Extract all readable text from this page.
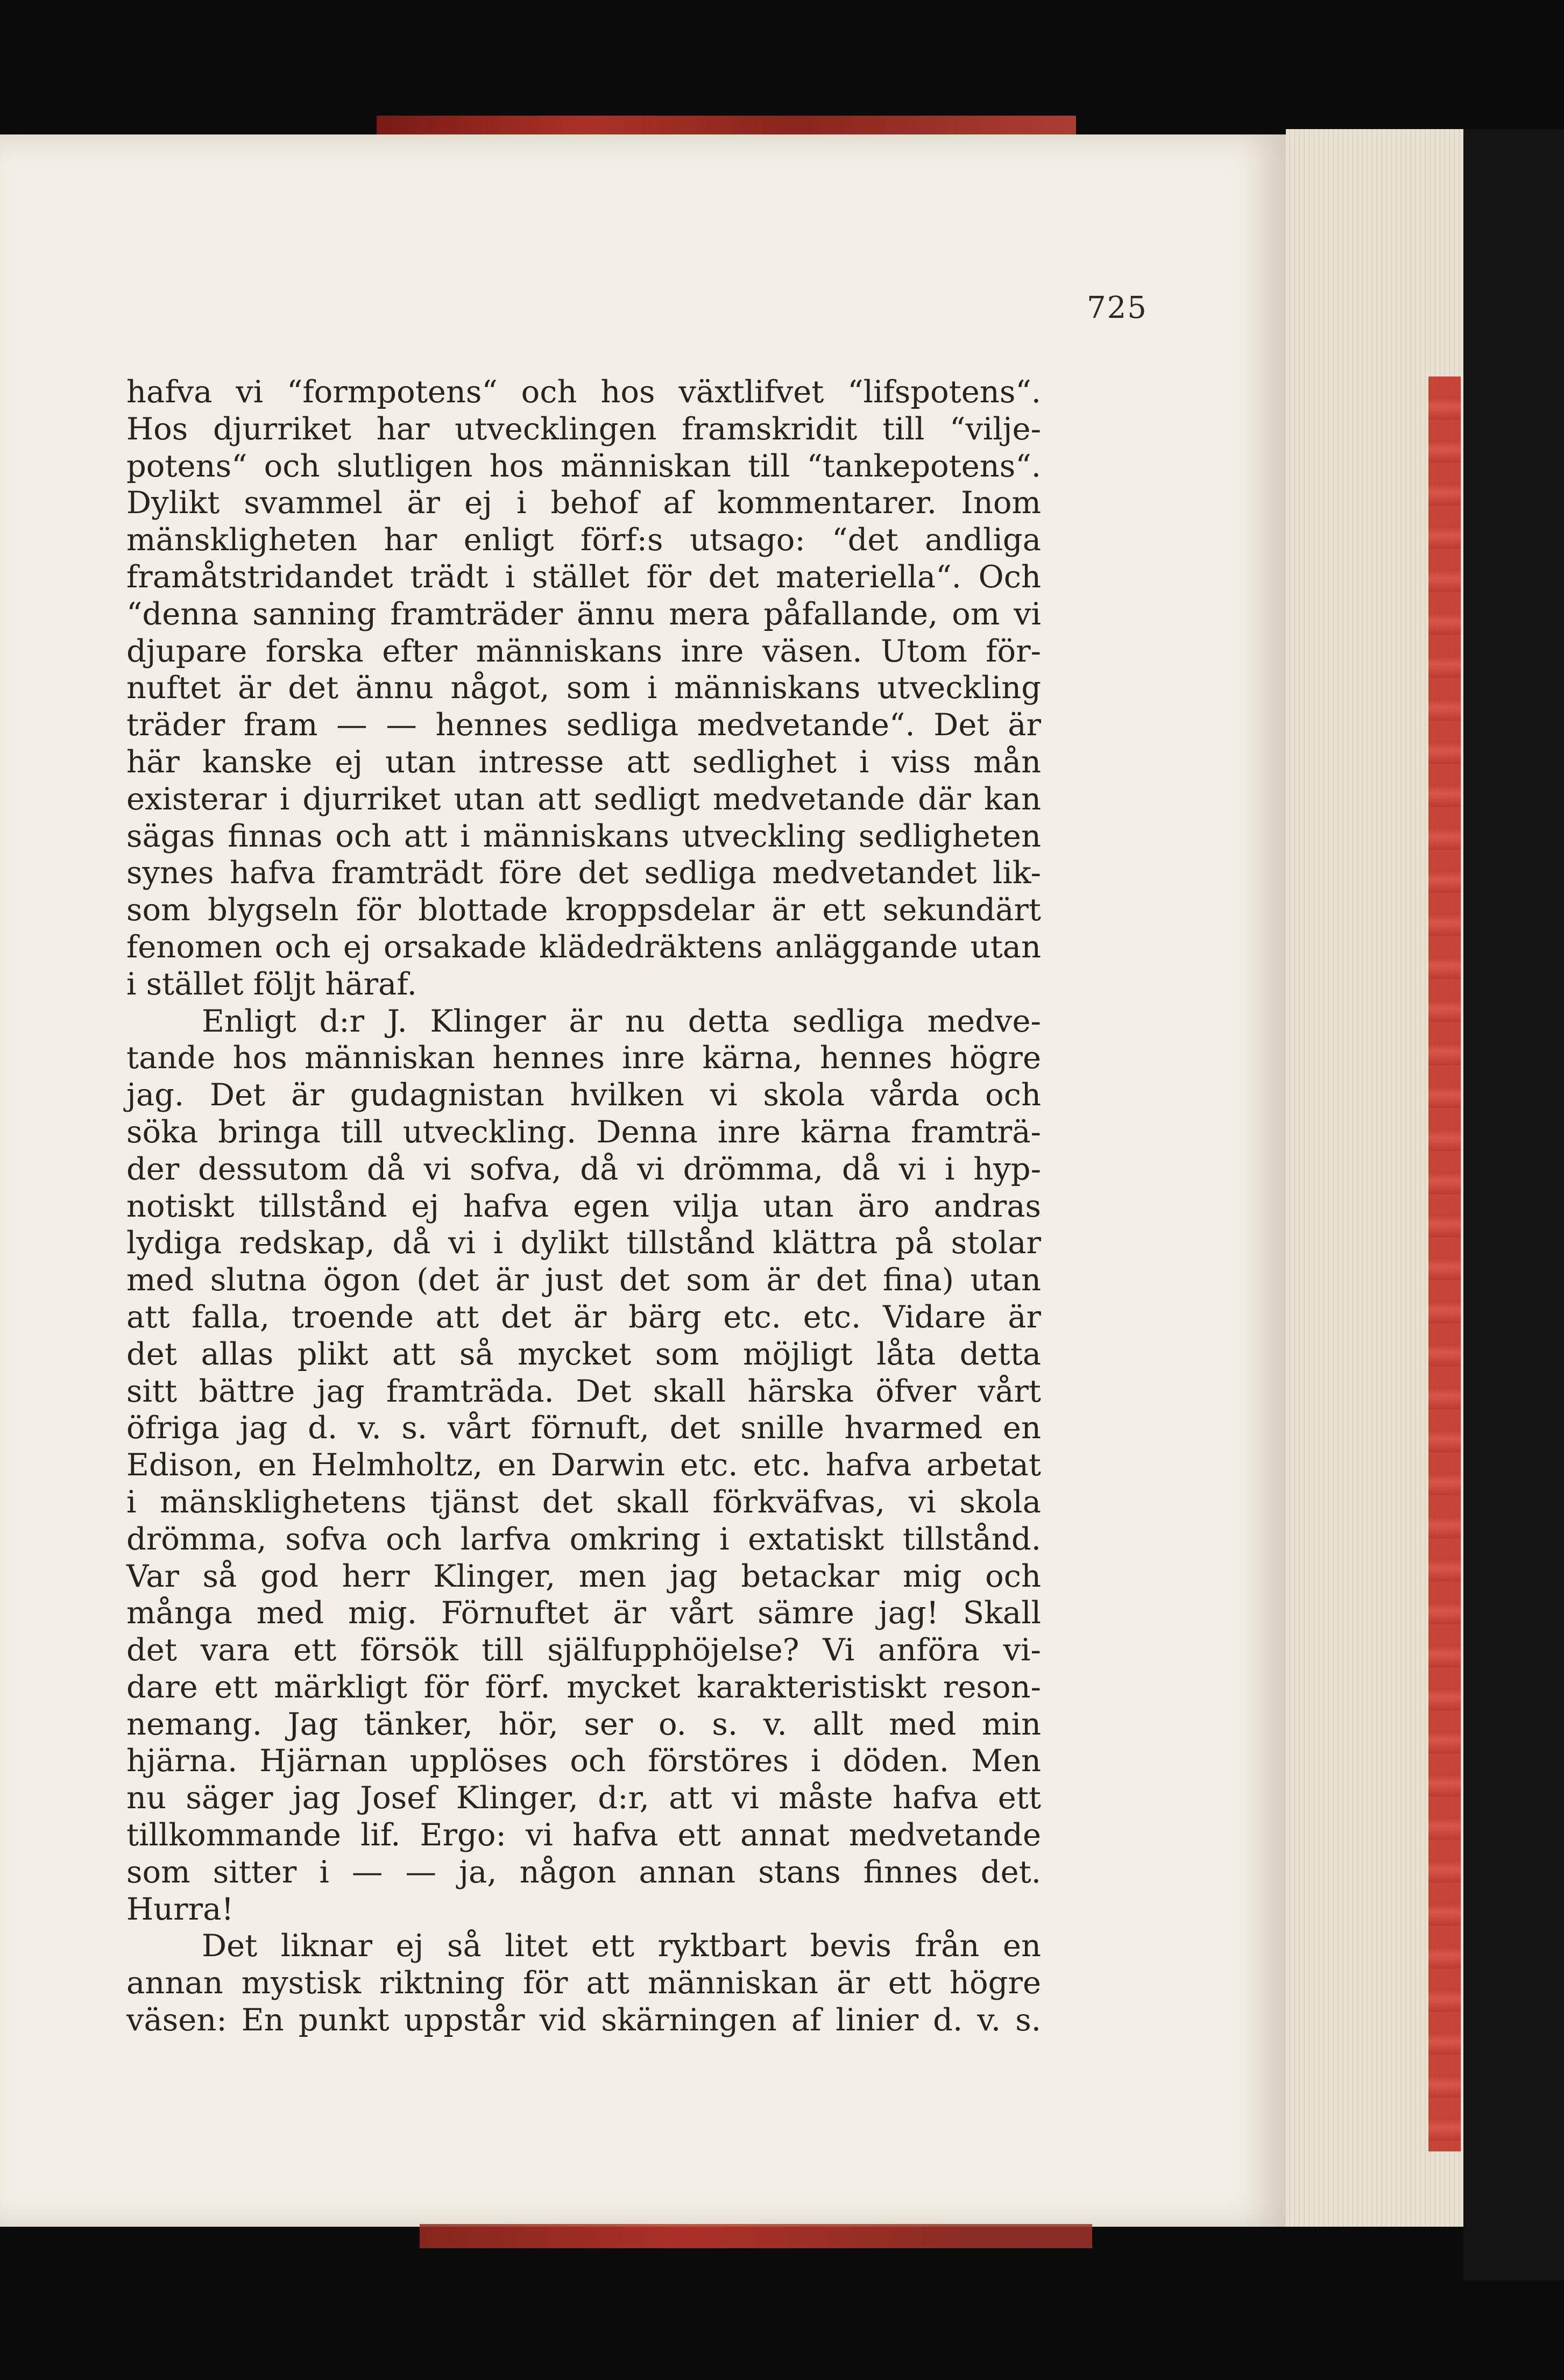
725
hafva vi “formpotens“ och hos växtlifvet “lifspotens“.
Hos djurriket har utvecklingen framskridit till “vilje-
potens“ och slutligen hos människan till “tankepotens“.
Dylikt svammel är ej i behof af kommentarer. Inom
mänskligheten har enligt förf:s utsago: “det andliga
framåtstridandet trädt i stället för det materiella“. Och
“denna sanning framträder ännu mera påfallande, om vi
djupare forska efter människans inre väsen. Utom för-
nuftet är det ännu något, som i människans utveckling
träder fram — — hennes sedliga medvetande“. Det är
här kanske ej utan intresse att sedlighet i viss mån
existerar i djurriket utan att sedligt medvetande där kan
sägas finnas och att i människans utveckling sedligheten
synes hafva framträdt före det sedliga medvetandet lik-
som blygseln för blottade kroppsdelar är ett sekundärt
fenomen och ej orsakade klädedräktens anläggande utan
i stället följt häraf.
Enligt d:r J. Klinger är nu detta sedliga medve-
tande hos människan hennes inre kärna, hennes högre
jag. Det är gudagnistan hvilken vi skola vårda och
söka bringa till utveckling. Denna inre kärna framträ-
der dessutom då vi sofva, då vi drömma, då vi i hyp-
notiskt tillstånd ej hafva egen vilja utan äro andras
lydiga redskap, då vi i dylikt tillstånd klättra på stolar
med slutna ögon (det är just det som är det fina) utan
att falla, troende att det är bärg etc. etc. Vidare är
det allas plikt att så mycket som möjligt låta detta
sitt bättre jag framträda. Det skall härska öfver vårt
öfriga jag d. v. s. vårt förnuft, det snille hvarmed en
Edison, en Helmholtz, en Darwin etc. etc. hafva arbetat
i mänsklighetens tjänst det skall förkväfvas, vi skola
drömma, sofva och larfva omkring i extatiskt tillstånd.
Var så god herr Klinger, men jag betackar mig och
många med mig. Förnuftet är vårt sämre jag! Skall
det vara ett försök till själfupphöjelse? Vi anföra vi-
dare ett märkligt för förf. mycket karakteristiskt reson-
nemang. Jag tänker, hör, ser o. s. v. allt med min
hjärna. Hjärnan upplöses och förstöres i döden. Men
nu säger jag Josef Klinger, d:r, att vi måste hafva ett
tillkommande lif. Ergo: vi hafva ett annat medvetande
som sitter i — — ja, någon annan stans finnes det.
Hurra!
Det liknar ej så litet ett ryktbart bevis från en
annan mystisk riktning för att människan är ett högre
väsen: En punkt uppstår vid skärningen af linier d. v. s.
